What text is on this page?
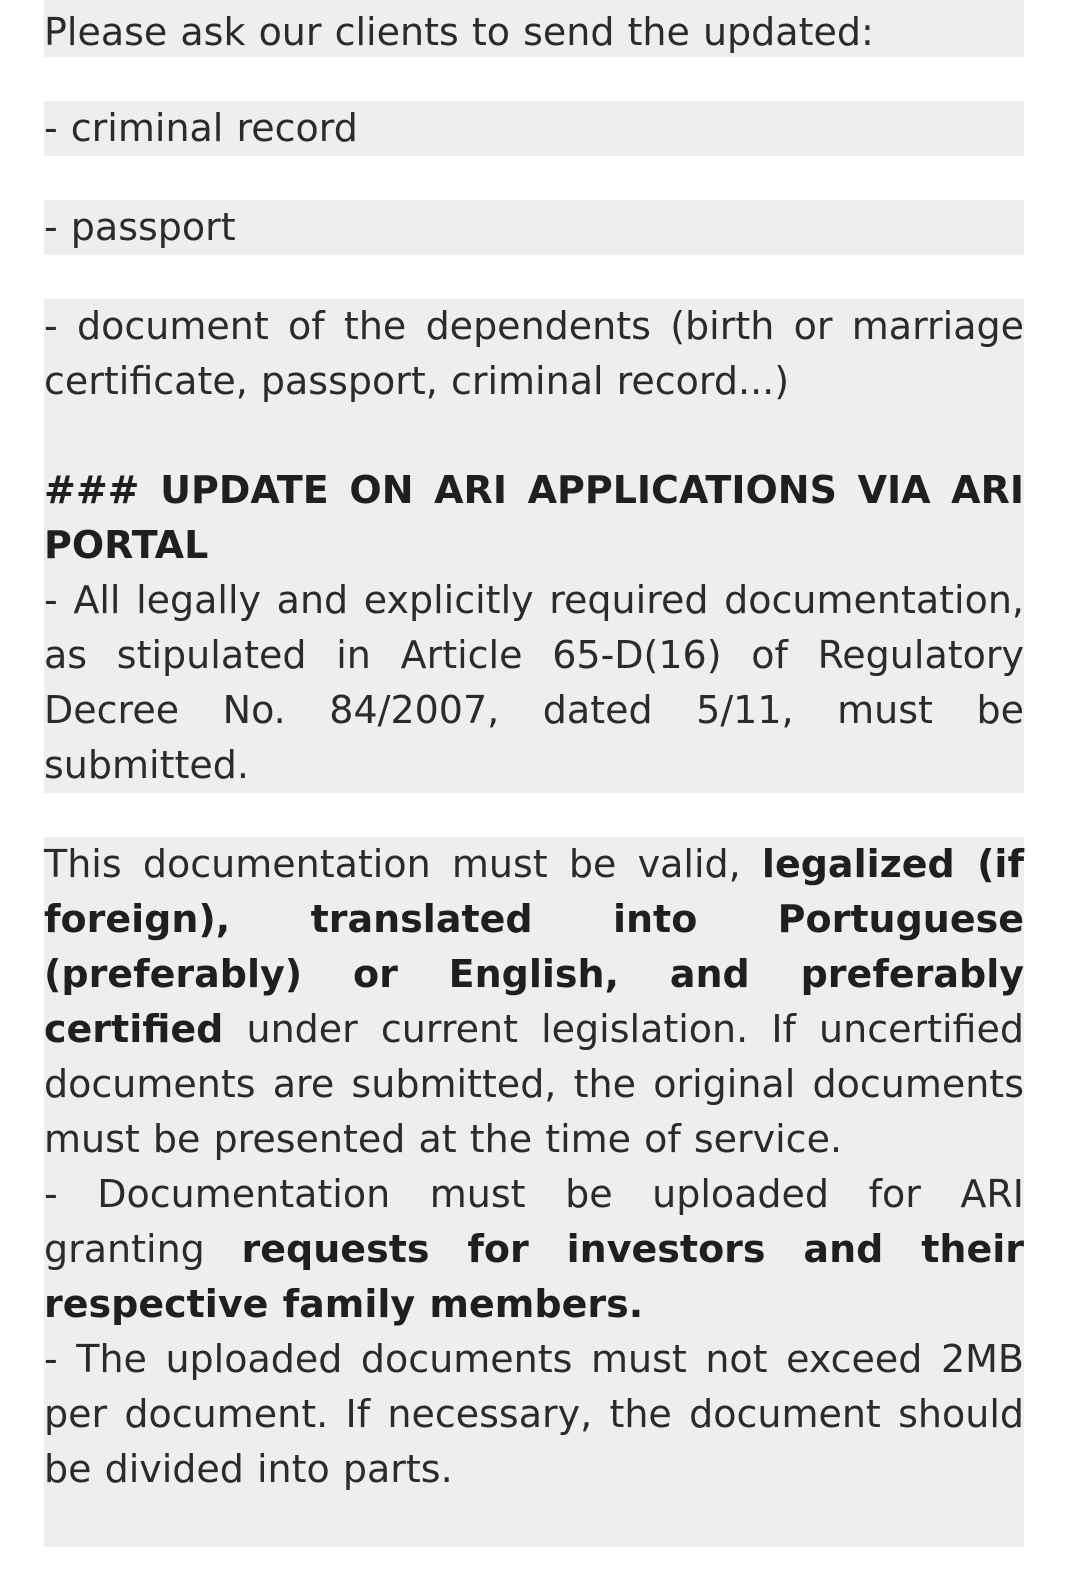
Please ask our clients to send the updated:
- criminal record
- passport

- document of the dependents (birth or marriage certificate, passport, criminal record...)

### UPDATE ON ARI APPLICATIONS VIA ARI PORTAL

- All legally and explicitly required documentation, as stipulated in Article 65-D(16) of Regulatory Decree No. 84/2007, dated 5/11, must be submitted.

This documentation must be valid, legalized (if foreign), translated into Portuguese (preferably) or English, and preferably certified under current legislation. If uncertified documents are submitted, the original documents must be presented at the time of service.

- Documentation must be uploaded for ARI granting requests for investors and their respective family members.

- The uploaded documents must not exceed 2MB per document. If necessary, the document should be divided into parts.
